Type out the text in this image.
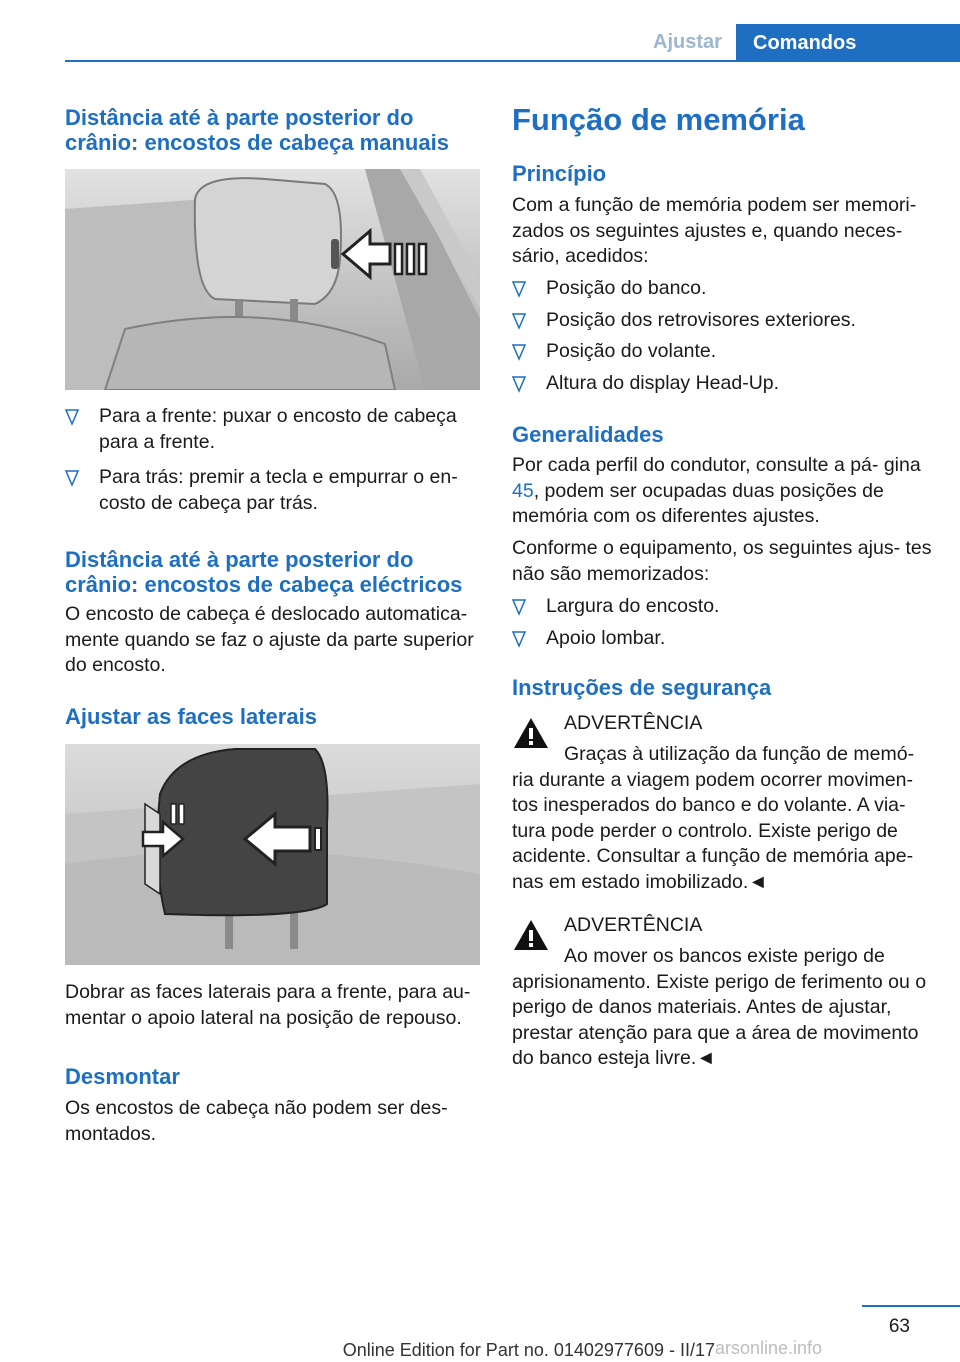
Ajustar	Comandos
Distância até à parte posterior do crânio: encostos de cabeça manuais
Para a frente: puxar o encosto de cabeça para a frente.
Para trás: premir a tecla e empurrar o en- costo de cabeça par trás.
Distância até à parte posterior do crânio: encostos de cabeça eléctricos

O encosto de cabeça é deslocado automatica- mente quando se faz o ajuste da parte superior do encosto.

Ajustar as faces laterais

Dobrar as faces laterais para a frente, para au- mentar o apoio lateral na posição de repouso.

Desmontar

Os encostos de cabeça não podem ser des- montados.

Função de memória
Princípio

Com a função de memória podem ser memori- zados os seguintes ajustes e, quando neces- sário, acedidos:

Posição do banco.
Posição dos retrovisores exteriores.
Posição do volante.
Altura do display Head-Up.
Generalidades

Por cada perfil do condutor, consulte a pá- gina 45, podem ser ocupadas duas posições de memória com os diferentes ajustes.

Conforme o equipamento, os seguintes ajus- tes não são memorizados:

Largura do encosto.
Apoio lombar.
Instruções de segurança

ADVERTÊNCIA

Graças à utilização da função de memó- ria durante a viagem podem ocorrer movimen- tos inesperados do banco e do volante. A via- tura pode perder o controlo. Existe perigo de acidente. Consultar a função de memória ape- nas em estado imobilizado.◄

ADVERTÊNCIA

Ao mover os bancos existe perigo de aprisionamento. Existe perigo de ferimento ou o perigo de danos materiais. Antes de ajustar, prestar atenção para que a área de movimento do banco esteja livre.◄

63
Online Edition for Part no. 01402977609 - II/17 arsonline.info
